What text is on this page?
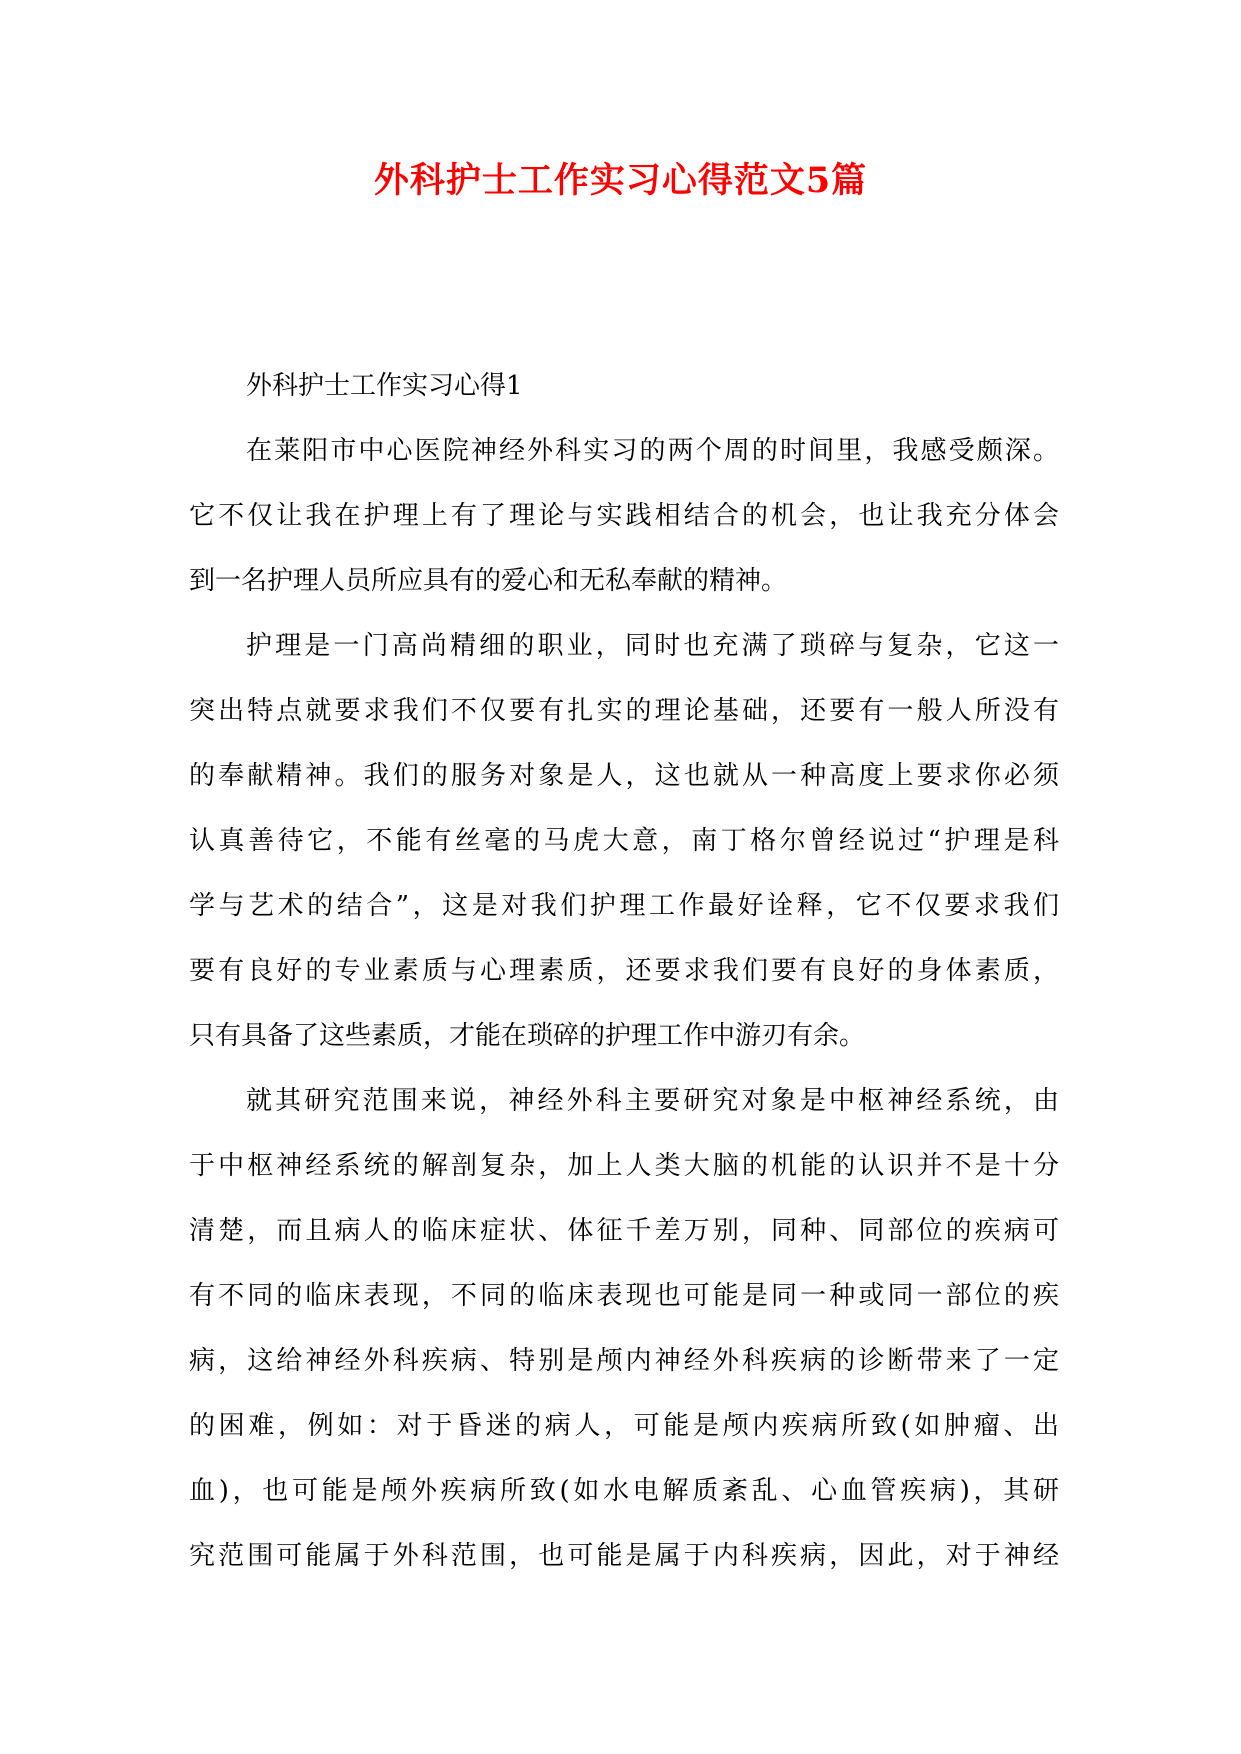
外科护士工作实习心得范文5篇
外科护士工作实习心得1
在莱阳市中心医院神经外科实习的两个周的时间里，我感受颇深。
它不仅让我在护理上有了理论与实践相结合的机会，也让我充分体会
到一名护理人员所应具有的爱心和无私奉献的精神。
护理是一门高尚精细的职业，同时也充满了琐碎与复杂，它这一
突出特点就要求我们不仅要有扎实的理论基础，还要有一般人所没有
的奉献精神。我们的服务对象是人，这也就从一种高度上要求你必须
认真善待它，不能有丝毫的马虎大意，南丁格尔曾经说过“护理是科
学与艺术的结合”，这是对我们护理工作最好诠释，它不仅要求我们
要有良好的专业素质与心理素质，还要求我们要有良好的身体素质，
只有具备了这些素质，才能在琐碎的护理工作中游刃有余。
就其研究范围来说，神经外科主要研究对象是中枢神经系统，由
于中枢神经系统的解剖复杂，加上人类大脑的机能的认识并不是十分
清楚，而且病人的临床症状、体征千差万别，同种、同部位的疾病可
有不同的临床表现，不同的临床表现也可能是同一种或同一部位的疾
病，这给神经外科疾病、特别是颅内神经外科疾病的诊断带来了一定
的困难，例如：对于昏迷的病人，可能是颅内疾病所致(如肿瘤、出
血)，也可能是颅外疾病所致(如水电解质紊乱、心血管疾病)，其研
究范围可能属于外科范围，也可能是属于内科疾病，因此，对于神经
